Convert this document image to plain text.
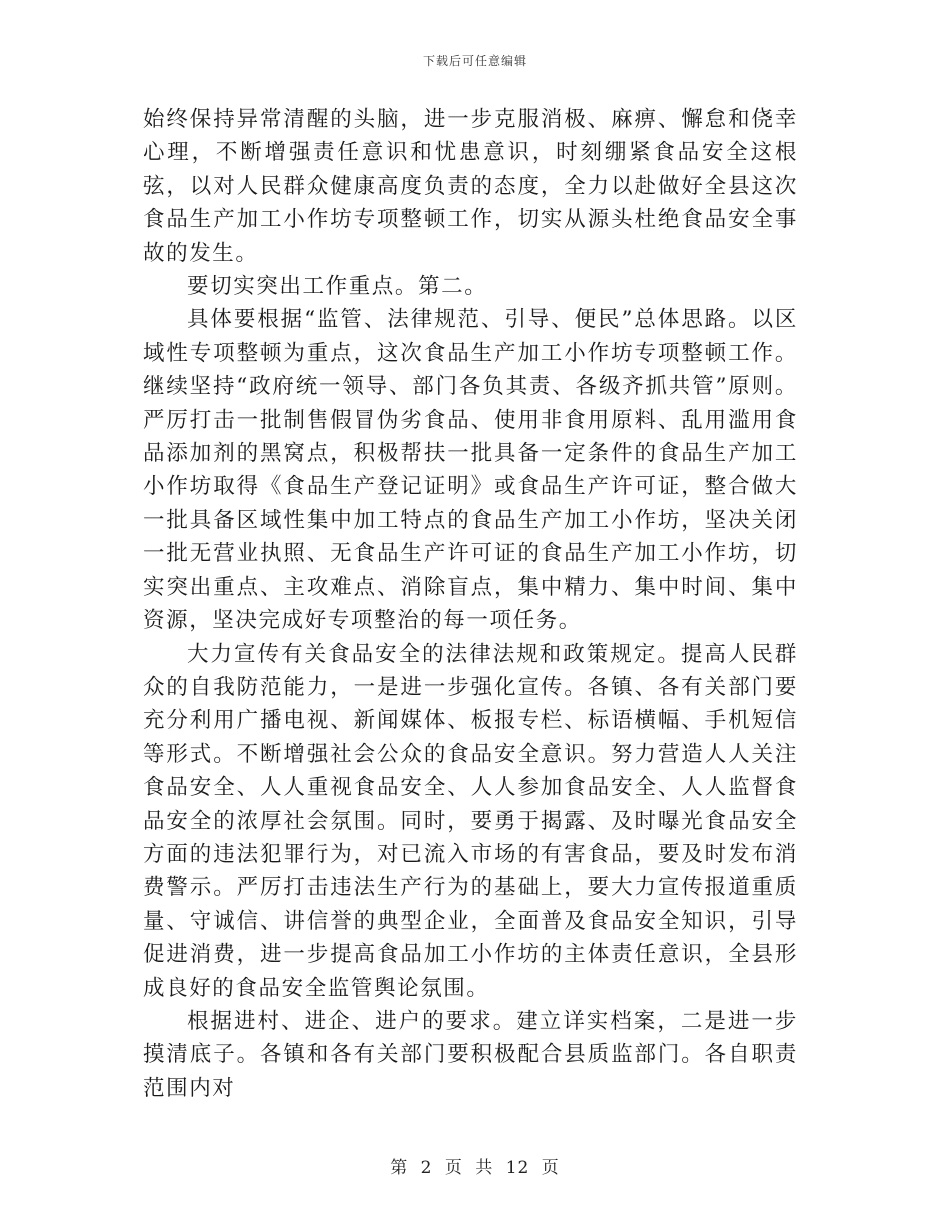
下载后可任意编辑

始终保持异常清醒的头脑，进一步克服消极、麻痹、懈怠和侥幸心理，不断增强责任意识和忧患意识，时刻绷紧食品安全这根弦，以对人民群众健康高度负责的态度，全力以赴做好全县这次食品生产加工小作坊专项整顿工作，切实从源头杜绝食品安全事故的发生。

要切实突出工作重点。第二。

具体要根据“监管、法律规范、引导、便民”总体思路。以区域性专项整顿为重点，这次食品生产加工小作坊专项整顿工作。继续坚持“政府统一领导、部门各负其责、各级齐抓共管”原则。严厉打击一批制售假冒伪劣食品、使用非食用原料、乱用滥用食品添加剂的黑窝点，积极帮扶一批具备一定条件的食品生产加工小作坊取得《食品生产登记证明》或食品生产许可证，整合做大一批具备区域性集中加工特点的食品生产加工小作坊，坚决关闭一批无营业执照、无食品生产许可证的食品生产加工小作坊，切实突出重点、主攻难点、消除盲点，集中精力、集中时间、集中资源，坚决完成好专项整治的每一项任务。

大力宣传有关食品安全的法律法规和政策规定。提高人民群众的自我防范能力，一是进一步强化宣传。各镇、各有关部门要充分利用广播电视、新闻媒体、板报专栏、标语横幅、手机短信等形式。不断增强社会公众的食品安全意识。努力营造人人关注食品安全、人人重视食品安全、人人参加食品安全、人人监督食品安全的浓厚社会氛围。同时，要勇于揭露、及时曝光食品安全方面的违法犯罪行为，对已流入市场的有害食品，要及时发布消费警示。严厉打击违法生产行为的基础上，要大力宣传报道重质量、守诚信、讲信誉的典型企业，全面普及食品安全知识，引导促进消费，进一步提高食品加工小作坊的主体责任意识，全县形成良好的食品安全监管舆论氛围。

根据进村、进企、进户的要求。建立详实档案，二是进一步摸清底子。各镇和各有关部门要积极配合县质监部门。各自职责范围内对

第 2 页 共 12 页
